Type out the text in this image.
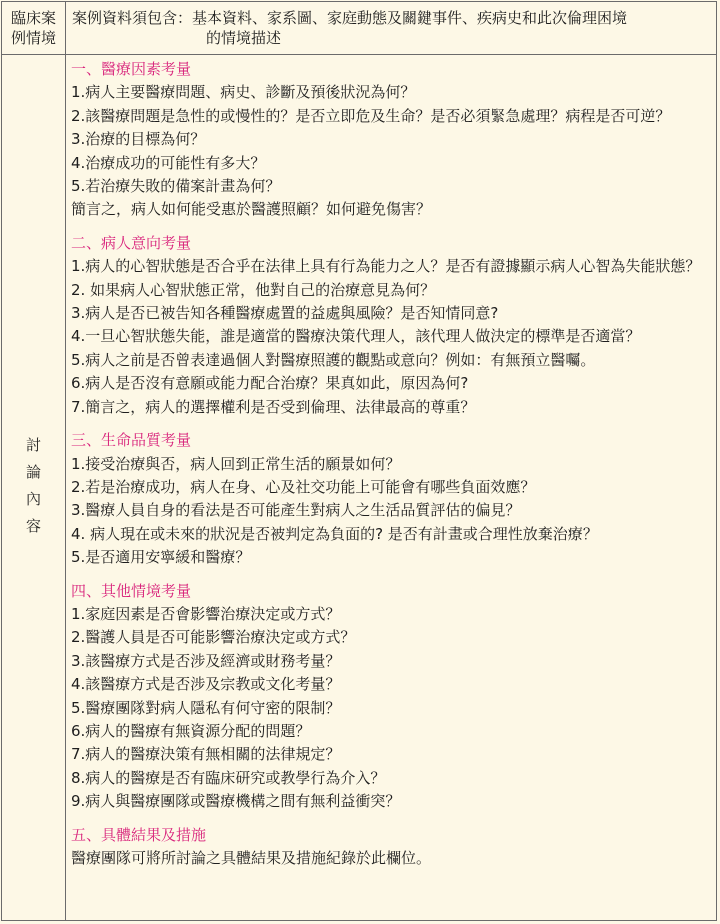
臨床案
例情境
案例資料須包含：基本資料、家系圖、家庭動態及關鍵事件、疾病史和此次倫理困境
的情境描述
討
論
內
容
一、醫療因素考量
1.病人主要醫療問題、病史、診斷及預後狀況為何？
2.該醫療問題是急性的或慢性的？是否立即危及生命？是否必須緊急處理？病程是否可逆？
3.治療的目標為何？
4.治療成功的可能性有多大？
5.若治療失敗的備案計畫為何？
簡言之，病人如何能受惠於醫護照顧？如何避免傷害？
二、病人意向考量
1.病人的心智狀態是否合乎在法律上具有行為能力之人？是否有證據顯示病人心智為失能狀態？
2. 如果病人心智狀態正常，他對自己的治療意見為何？
3.病人是否已被告知各種醫療處置的益處與風險？是否知情同意?
4.一旦心智狀態失能，誰是適當的醫療決策代理人，該代理人做決定的標準是否適當？
5.病人之前是否曾表達過個人對醫療照護的觀點或意向？例如：有無預立醫囑。
6.病人是否沒有意願或能力配合治療？果真如此，原因為何?
7.簡言之，病人的選擇權利是否受到倫理、法律最高的尊重？
三、生命品質考量
1.接受治療與否，病人回到正常生活的願景如何？
2.若是治療成功，病人在身、心及社交功能上可能會有哪些負面效應？
3.醫療人員自身的看法是否可能產生對病人之生活品質評估的偏見？
4. 病人現在或未來的狀況是否被判定為負面的? 是否有計畫或合理性放棄治療？
5.是否適用安寧緩和醫療？
四、其他情境考量
1.家庭因素是否會影響治療決定或方式？
2.醫護人員是否可能影響治療決定或方式？
3.該醫療方式是否涉及經濟或財務考量？
4.該醫療方式是否涉及宗教或文化考量？
5.醫療團隊對病人隱私有何守密的限制？
6.病人的醫療有無資源分配的問題？
7.病人的醫療決策有無相關的法律規定？
8.病人的醫療是否有臨床研究或教學行為介入？
9.病人與醫療團隊或醫療機構之間有無利益衝突？
五、具體結果及措施
醫療團隊可將所討論之具體結果及措施紀錄於此欄位。
